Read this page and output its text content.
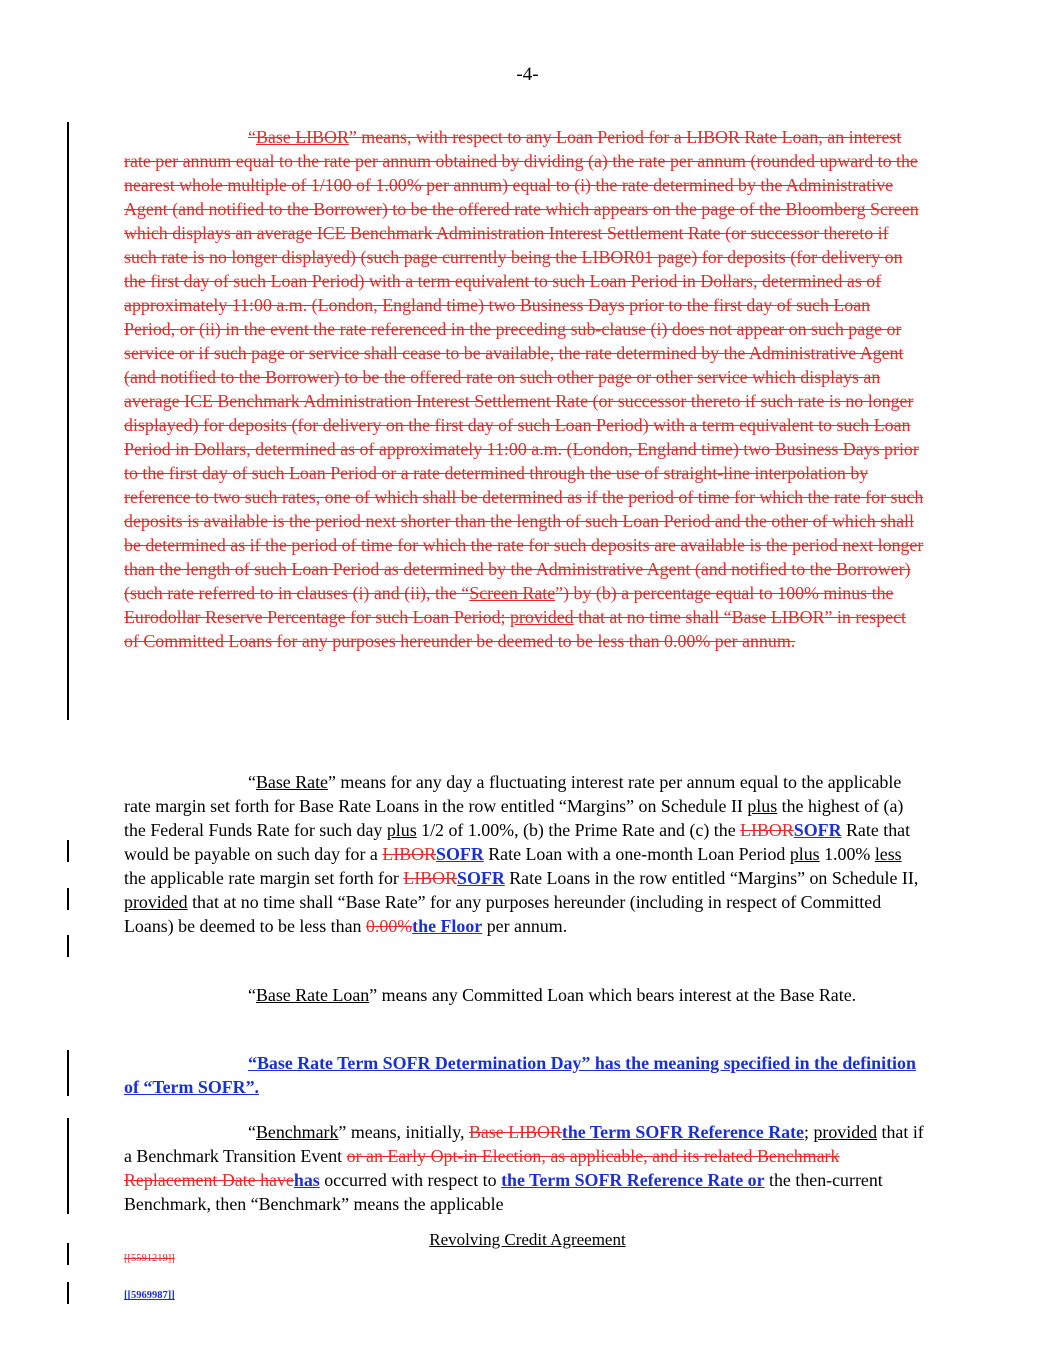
-4-
“Base LIBOR” means, with respect to any Loan Period for a LIBOR Rate Loan, an interest rate per annum equal to the rate per annum obtained by dividing (a) the rate per annum (rounded upward to the nearest whole multiple of 1/100 of 1.00% per annum) equal to (i) the rate determined by the Administrative Agent (and notified to the Borrower) to be the offered rate which appears on the page of the Bloomberg Screen which displays an average ICE Benchmark Administration Interest Settlement Rate (or successor thereto if such rate is no longer displayed) (such page currently being the LIBOR01 page) for deposits (for delivery on the first day of such Loan Period) with a term equivalent to such Loan Period in Dollars, determined as of approximately 11:00 a.m. (London, England time) two Business Days prior to the first day of such Loan Period, or (ii) in the event the rate referenced in the preceding sub-clause (i) does not appear on such page or service or if such page or service shall cease to be available, the rate determined by the Administrative Agent (and notified to the Borrower) to be the offered rate on such other page or other service which displays an average ICE Benchmark Administration Interest Settlement Rate (or successor thereto if such rate is no longer displayed) for deposits (for delivery on the first day of such Loan Period) with a term equivalent to such Loan Period in Dollars, determined as of approximately 11:00 a.m. (London, England time) two Business Days prior to the first day of such Loan Period or a rate determined through the use of straight-line interpolation by reference to two such rates, one of which shall be determined as if the period of time for which the rate for such deposits is available is the period next shorter than the length of such Loan Period and the other of which shall be determined as if the period of time for which the rate for such deposits are available is the period next longer than the length of such Loan Period as determined by the Administrative Agent (and notified to the Borrower) (such rate referred to in clauses (i) and (ii), the “Screen Rate”) by (b) a percentage equal to 100% minus the Eurodollar Reserve Percentage for such Loan Period; provided that at no time shall “Base LIBOR” in respect of Committed Loans for any purposes hereunder be deemed to be less than 0.00% per annum.
“Base Rate” means for any day a fluctuating interest rate per annum equal to the applicable rate margin set forth for Base Rate Loans in the row entitled “Margins” on Schedule II plus the highest of (a) the Federal Funds Rate for such day plus 1/2 of 1.00%, (b) the Prime Rate and (c) the LIBORSOFR Rate that would be payable on such day for a LIBORSOFR Rate Loan with a one-month Loan Period plus 1.00% less the applicable rate margin set forth for LIBORSOFR Rate Loans in the row entitled “Margins” on Schedule II, provided that at no time shall “Base Rate” for any purposes hereunder (including in respect of Committed Loans) be deemed to be less than 0.00%the Floor per annum.
“Base Rate Loan” means any Committed Loan which bears interest at the Base Rate.
“Base Rate Term SOFR Determination Day” has the meaning specified in the definition of “Term SOFR”.
“Benchmark” means, initially, Base LIBORthe Term SOFR Reference Rate; provided that if a Benchmark Transition Event or an Early Opt-in Election, as applicable, and its related Benchmark Replacement Date havehas occurred with respect to the Term SOFR Reference Rate or the then-current Benchmark, then “Benchmark” means the applicable
Revolving Credit Agreement
[[5591219]]
[[5969987]]
